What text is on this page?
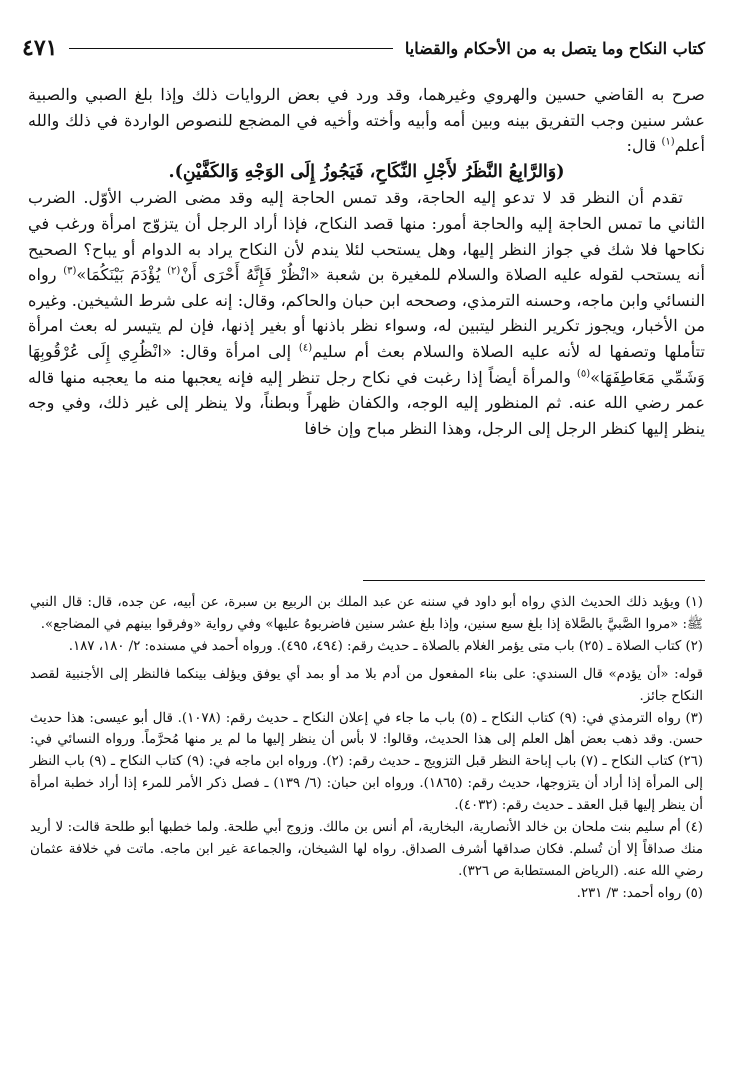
كتاب النكاح وما يتصل به من الأحكام والقضايا
٤٧١

صرح به القاضي حسين والهروي وغيرهما، وقد ورد في بعض الروايات ذلك وإذا بلغ الصبي والصبية عشر سنين وجب التفريق بينه وبين أمه وأبيه وأخته وأخيه في المضجع للنصوص الواردة في ذلك والله أعلم$^{(١)}$ قال:

(وَالرَّابِعُ النَّظَرُ لأَجْلِ النِّكَاحِ، فَيَجُوزُ إِلَى الوَجْهِ وَالكَفَّيْنِ).

تقدم أن النظر قد لا تدعو إليه الحاجة، وقد تمس الحاجة إليه وقد مضى الضرب الأوّل. الضرب الثاني ما تمس الحاجة إليه والحاجة أمور: منها قصد النكاح، فإذا أراد الرجل أن يتزوّج امرأة ورغب في نكاحها فلا شك في جواز النظر إليها، وهل يستحب لئلا يندم لأن النكاح يراد به الدوام أو يباح؟ الصحيح أنه يستحب لقوله عليه الصلاة والسلام للمغيرة بن شعبة «انْظُرْ فَإِنَّهُ أَحْرَى أَنْ$^{(٢)}$ يُؤْدَمَ بَيْنَكُمَا»$^{(٣)}$ رواه النسائي وابن ماجه، وحسنه الترمذي، وصححه ابن حبان والحاكم، وقال: إنه على شرط الشيخين. وغيره من الأخبار، ويجوز تكرير النظر ليتبين له، وسواء نظر باذنها أو بغير إذنها، فإن لم يتيسر له بعث امرأة تتأملها وتصفها له لأنه عليه الصلاة والسلام بعث أم سليم$^{(٤)}$ إلى امرأة وقال: «انْظُرِي إِلَى عُرْقُوبِهَا وَشَمِّي مَعَاطِفَهَا»$^{(٥)}$ والمرأة أيضاً إذا رغبت في نكاح رجل تنظر إليه فإنه يعجبها منه ما يعجبه منها قاله عمر رضي الله عنه. ثم المنظور إليه الوجه، والكفان ظهراً وبطناً، ولا ينظر إلى غير ذلك، وفي وجه ينظر إليها كنظر الرجل إلى الرجل، وهذا النظر مباح وإن خافا

(١) ويؤيد ذلك الحديث الذي رواه أبو داود في سننه عن عبد الملك بن الربيع بن سبرة، عن أبيه، عن جده، قال: قال النبي ﷺ: «مروا الصَّبيَّ بالصَّلاة إذا بلغ سبع سنين، وإذا بلغ عشر سنين فاضربوهُ عليها» وفي رواية «وفرقوا بينهم في المضاجع».

(٢) كتاب الصلاة ـ (٢٥) باب متى يؤمر الغلام بالصلاة ـ حديث رقم: (٤٩٤، ٤٩٥). ورواه أحمد في مسنده: ٢/ ١٨٠، ١٨٧.

قوله: «أن يؤدم» قال السندي: على بناء المفعول من أدم بلا مد أو بمد أي يوفق ويؤلف بينكما فالنظر إلى الأجنبية لقصد النكاح جائز.

(٣) رواه الترمذي في: (٩) كتاب النكاح ـ (٥) باب ما جاء في إعلان النكاح ـ حديث رقم: (١٠٧٨). قال أبو عيسى: هذا حديث حسن. وقد ذهب بعض أهل العلم إلى هذا الحديث، وقالوا: لا بأس أن ينظر إليها ما لم ير منها مُحرَّماً. ورواه النسائي في: (٢٦) كتاب النكاح ـ (٧) باب إباحة النظر قبل التزويج ـ حديث رقم: (٢). ورواه ابن ماجه في: (٩) كتاب النكاح ـ (٩) باب النظر إلى المرأة إذا أراد أن يتزوجها، حديث رقم: (١٨٦٥). ورواه ابن حبان: (٦/ ١٣٩) ـ فصل ذكر الأمر للمرء إذا أراد خطبة امرأة أن ينظر إليها قبل العقد ـ حديث رقم: (٤٠٣٢).

(٤) أم سليم بنت ملحان بن خالد الأنصارية، البخارية، أم أنس بن مالك. وزوج أبي طلحة. ولما خطبها أبو طلحة قالت: لا أريد منك صداقاً إلا أن تُسلم. فكان صداقها أشرف الصداق. رواه لها الشيخان، والجماعة غير ابن ماجه. ماتت في خلافة عثمان رضي الله عنه. (الرياض المستطابة ص ٣٢٦).

(٥) رواه أحمد: ٣/ ٢٣١.
